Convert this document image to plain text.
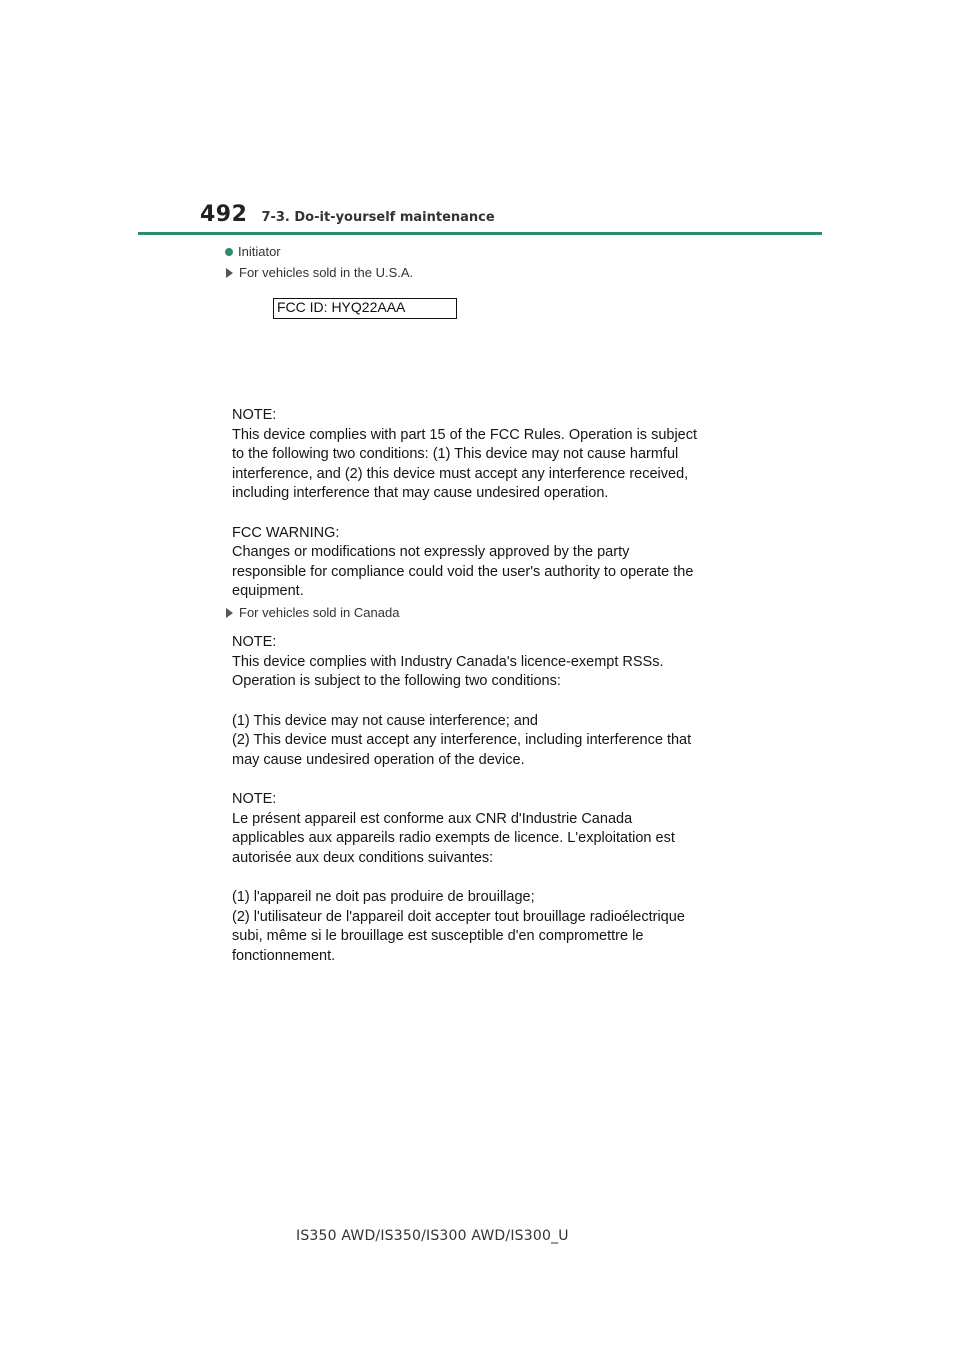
492 7-3. Do-it-yourself maintenance
Initiator
For vehicles sold in the U.S.A.
FCC ID: HYQ22AAA

NOTE:

This device complies with part 15 of the FCC Rules. Operation is subject

to the following two conditions: (1) This device may not cause harmful

interference, and (2) this device must accept any interference received,

including interference that may cause undesired operation.

FCC WARNING:

Changes or modifications not expressly approved by the party

responsible for compliance could void the user's authority to operate the

equipment.

For vehicles sold in Canada

NOTE:

This device complies with Industry Canada's licence-exempt RSSs.

Operation is subject to the following two conditions:

(1) This device may not cause interference; and

(2) This device must accept any interference, including interference that

may cause undesired operation of the device.

NOTE:

Le présent appareil est conforme aux CNR d'Industrie Canada

applicables aux appareils radio exempts de licence. L'exploitation est

autorisée aux deux conditions suivantes:

(1) l'appareil ne doit pas produire de brouillage;

(2) l'utilisateur de l'appareil doit accepter tout brouillage radioélectrique

subi, même si le brouillage est susceptible d'en compromettre le

fonctionnement.

IS350 AWD/IS350/IS300 AWD/IS300_U
